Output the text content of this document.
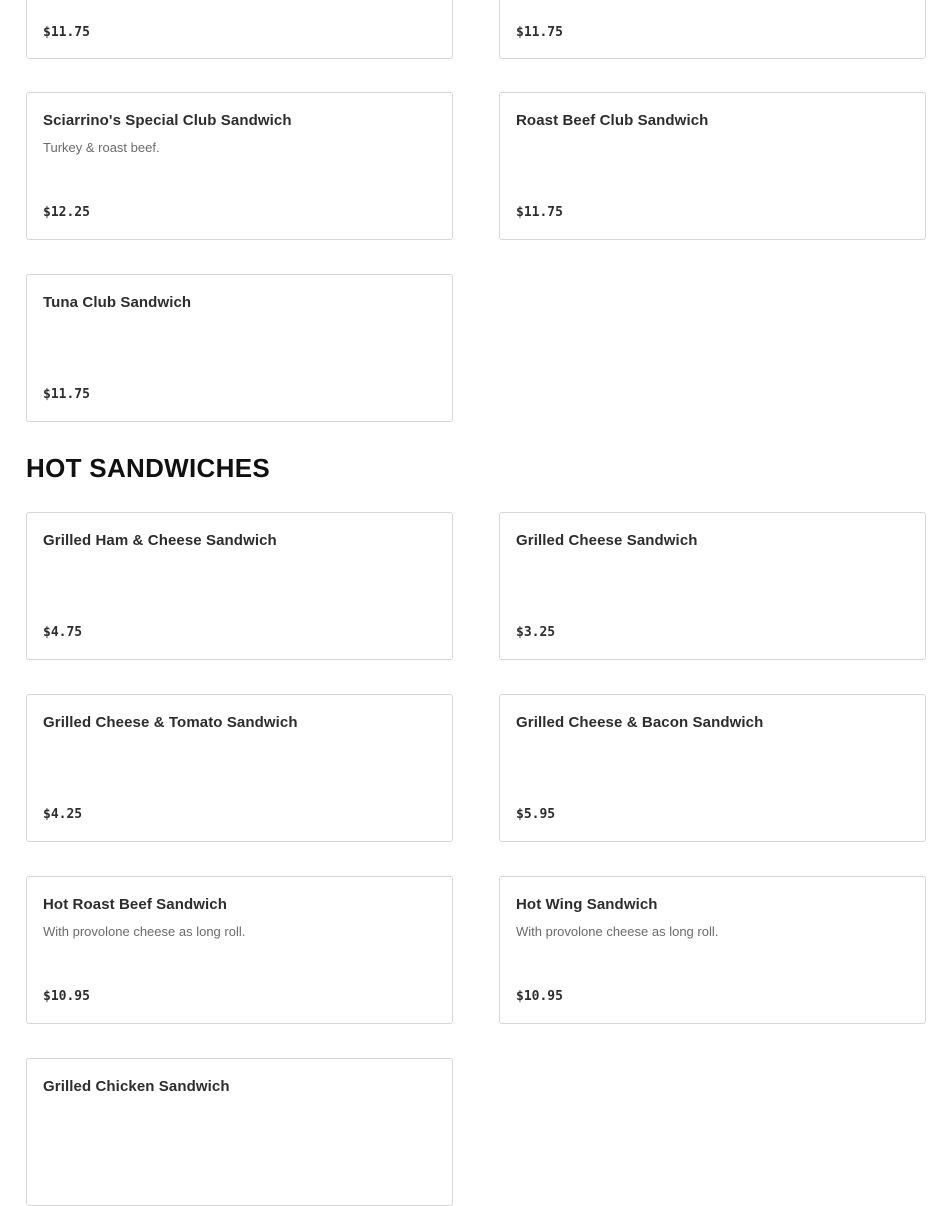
$11.75	$11.75
Sciarrino's Special Club Sandwich
Turkey & roast beef.
$12.25
Roast Beef Club Sandwich
$11.75
Tuna Club Sandwich
$11.75
HOT SANDWICHES
Grilled Ham & Cheese Sandwich
$4.75
Grilled Cheese Sandwich
$3.25
Grilled Cheese & Tomato Sandwich
$4.25
Grilled Cheese & Bacon Sandwich
$5.95
Hot Roast Beef Sandwich
With provolone cheese as long roll.
$10.95
Hot Wing Sandwich
With provolone cheese as long roll.
$10.95
Grilled Chicken Sandwich
